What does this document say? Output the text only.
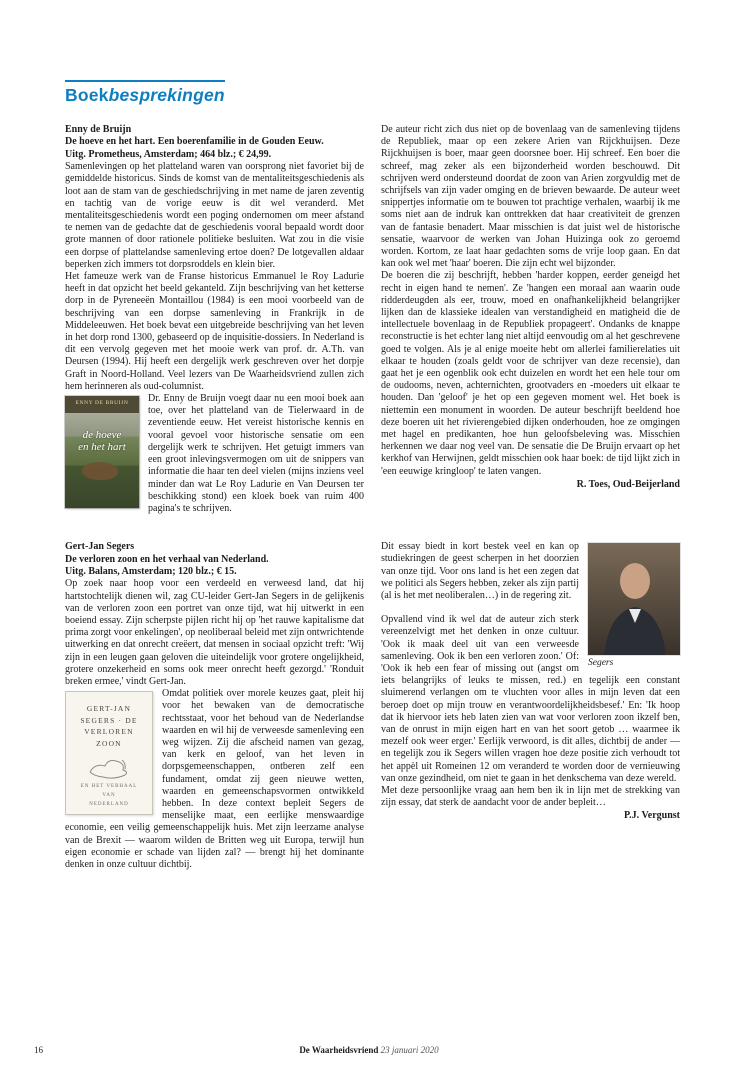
Boekbesprekingen
Enny de Bruijn
De hoeve en het hart. Een boerenfamilie in de Gouden Eeuw.
Uitg. Prometheus, Amsterdam; 464 blz.; € 24,99.

Samenlevingen op het platteland waren van oorsprong niet favoriet bij de gemiddelde historicus. Sinds de komst van de mentaliteitsgeschiedenis als loot aan de stam van de geschiedschrijving in met name de jaren zeventig en tachtig van de vorige eeuw is dit wel veranderd. Met mentaliteitsgeschiedenis wordt een poging ondernomen om meer afstand te nemen van de gedachte dat de geschiedenis vooral bepaald wordt door grote mannen of door rationele politieke besluiten. Wat zou in die visie een dorpse of plattelandse samenleving ertoe doen? De lotgevallen aldaar beperken zich immers tot dorpsroddels en klein bier.

Het fameuze werk van de Franse historicus Emmanuel le Roy Ladurie heeft in dat opzicht het beeld gekanteld. Zijn beschrijving van het ketterse dorp in de Pyreneeën Montaillou (1984) is een mooi voorbeeld van de beschrijving van een dorpse samenleving in Frankrijk in de Middeleeuwen. Het boek bevat een uitgebreide beschrijving van het leven in het dorp rond 1300, gebaseerd op de inquisitie-dossiers. In Nederland is dit een vervolg gegeven met het mooie werk van prof. dr. A.Th. van Deursen (1994). Hij heeft een dergelijk werk geschreven over het dorpje Graft in Noord-Holland. Veel lezers van De Waarheidsvriend zullen zich hem herinneren als oud-columnist.

ENNY DE BRUIJN
de hoeve
en het hart

Dr. Enny de Bruijn voegt daar nu een mooi boek aan toe, over het platteland van de Tielerwaard in de zeventiende eeuw. Het vereist historische kennis en vooral gevoel voor historische sensatie om een dergelijk werk te schrijven. Het getuigt immers van een groot inlevingsvermogen om uit de snippers van informatie die haar ten deel vielen (mijns inziens veel minder dan wat Le Roy Ladurie en Van Deursen ter beschikking stond) een kloek boek van ruim 400 pagina's te schrijven.

De auteur richt zich dus niet op de bovenlaag van de samenleving tijdens de Republiek, maar op een zekere Arien van Rijckhuijsen. Deze Rijckhuijsen is boer, maar geen doorsnee boer. Hij schreef. Een boer die schreef, mag zeker als een bijzonderheid worden beschouwd. Dit schrijven werd ondersteund doordat de zoon van Arien zorgvuldig met de schrijfsels van zijn vader omging en de brieven bewaarde. De auteur weet snippertjes informatie om te bouwen tot prachtige verhalen, waarbij ik me soms niet aan de indruk kan onttrekken dat haar creativiteit de grenzen van de fantasie benadert. Maar misschien is dat juist wel de historische sensatie, waarvoor de werken van Johan Huizinga ook zo geroemd worden. Kortom, ze laat haar gedachten soms de vrije loop gaan. En dat kan ook wel met 'haar' boeren. Die zijn echt wel bijzonder.

De boeren die zij beschrijft, hebben 'harder koppen, eerder geneigd het recht in eigen hand te nemen'. Ze 'hangen een moraal aan waarin oude ridderdeugden als eer, trouw, moed en onafhankelijkheid belangrijker lijken dan de klassieke idealen van verstandigheid en matigheid die de intellectuele bovenlaag in de Republiek propageert'. Ondanks de knappe reconstructie is het echter lang niet altijd eenvoudig om al het geschrevene goed te volgen. Als je al enige moeite hebt om allerlei familierelaties uit elkaar te houden (zoals geldt voor de schrijver van deze recensie), dan gaat het je een ogenblik ook echt duizelen en wordt het een hele tour om de oudooms, neven, achternichten, grootvaders en -moeders uit elkaar te houden. Dan 'geloof' je het op een gegeven moment wel. Het boek is niettemin een monument in woorden. De auteur beschrijft beeldend hoe deze boeren uit het rivierengebied dijken onderhouden, hoe ze omgingen met hagel en predikanten, hoe hun geloofsbeleving was. Misschien herkennen we daar nog veel van. De sensatie die De Bruijn ervaart op het kerkhof van Herwijnen, geldt misschien ook haar boek: de tijd lijkt zich in 'een eeuwige kringloop' te laten vangen.

R. Toes, Oud-Beijerland
Gert-Jan Segers
De verloren zoon en het verhaal van Nederland.
Uitg. Balans, Amsterdam; 120 blz.; € 15.

Op zoek naar hoop voor een verdeeld en verweesd land, dat hij hartstochtelijk dienen wil, zag CU-leider Gert-Jan Segers in de gelijkenis van de verloren zoon een portret van onze tijd, wat hij uitwerkt in een boeiend essay. Zijn scherpste pijlen richt hij op 'het rauwe kapitalisme dat prima zorgt voor enkelingen', op neoliberaal beleid met zijn ontwrichtende uitwerking en dat onrecht creëert, dat mensen in sociaal opzicht treft: 'Wij zijn in een leugen gaan geloven die uiteindelijk voor grotere ongelijkheid, grotere onzekerheid en soms ook meer onrecht heeft gezorgd.' 'Ronduit breken ermee,' vindt Gert-Jan.

GERT-JAN
SEGERS · DE
VERLOREN
ZOON
EN HET VERHAAL
VAN
NEDERLAND

Omdat politiek over morele keuzes gaat, pleit hij voor het bewaken van de democratische rechtsstaat, voor het behoud van de Nederlandse waarden en wil hij de verweesde samenleving een weg wijzen. Zij die afscheid namen van gezag, van kerk en geloof, van het leven in dorpsgemeenschappen, ontberen zelf een fundament, omdat zij geen nieuwe wetten, waarden en gemeenschapsvormen ontwikkeld hebben. In deze context bepleit Segers de menselijke maat, een eerlijke menswaardige economie, een veilig gemeenschappelijk huis. Met zijn leerzame analyse van de Brexit — waarom wilden de Britten weg uit Europa, terwijl hun eigen economie er schade van lijden zal? — brengt hij het dominante denken in onze cultuur dichtbij.

Segers

Dit essay biedt in kort bestek veel en kan op studiekringen de geest scherpen in het doorzien van onze tijd. Voor ons land is het een zegen dat we politici als Segers hebben, zeker als zijn partij (al is het met neoliberalen…) in de regering zit.

Opvallend vind ik wel dat de auteur zich sterk vereenzelvigt met het denken in onze cultuur. 'Ook ik maak deel uit van een verweesde samenleving. Ook ik ben een verloren zoon.' Of: 'Ook ik heb een fear of missing out (angst om iets belangrijks of leuks te missen, red.) en tegelijk een constant sluimerend verlangen om te vluchten voor alles in mijn leven dat een beroep doet op mijn trouw en verantwoordelijkheidsbesef.' En: 'Ik hoop dat ik hiervoor iets heb laten zien van wat voor verloren zoon ikzelf ben, van de onrust in mijn eigen hart en van het soort getob … waarmee ik mezelf ook weer erger.' Eerlijk verwoord, is dit alles, dichtbij de ander — en tegelijk zou ik Segers willen vragen hoe deze positie zich verhoudt tot het appèl uit Romeinen 12 om veranderd te worden door de vernieuwing van onze gezindheid, om niet te gaan in het denkschema van deze wereld.

Met deze persoonlijke vraag aan hem ben ik in lijn met de strekking van zijn essay, dat sterk de aandacht voor de ander bepleit…

P.J. Vergunst
16	De Waarheidsvriend 23 januari 2020
